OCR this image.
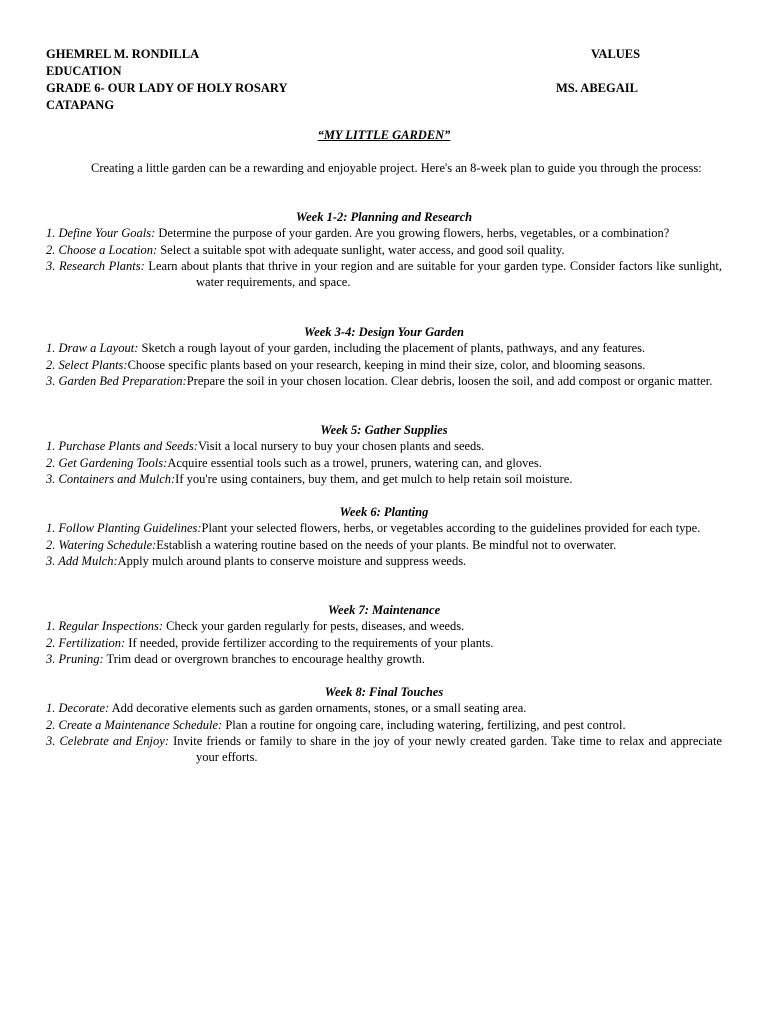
GHEMREL M. RONDILLA	VALUES
EDUCATION
GRADE 6- OUR LADY OF HOLY ROSARY	MS. ABEGAIL
CATAPANG
“MY LITTLE GARDEN”
Creating a little garden can be a rewarding and enjoyable project. Here's an 8-week plan to guide you through the process:
Week 1-2: Planning and Research
1. Define Your Goals: Determine the purpose of your garden. Are you growing flowers, herbs, vegetables, or a combination?
2. Choose a Location: Select a suitable spot with adequate sunlight, water access, and good soil quality.
3. Research Plants: Learn about plants that thrive in your region and are suitable for your garden type. Consider factors like sunlight, water requirements, and space.
Week 3-4: Design Your Garden
1. Draw a Layout: Sketch a rough layout of your garden, including the placement of plants, pathways, and any features.
2. Select Plants:Choose specific plants based on your research, keeping in mind their size, color, and blooming seasons.
3. Garden Bed Preparation:Prepare the soil in your chosen location. Clear debris, loosen the soil, and add compost or organic matter.
Week 5: Gather Supplies
1. Purchase Plants and Seeds:Visit a local nursery to buy your chosen plants and seeds.
2. Get Gardening Tools:Acquire essential tools such as a trowel, pruners, watering can, and gloves.
3. Containers and Mulch:If you're using containers, buy them, and get mulch to help retain soil moisture.
Week 6: Planting
1. Follow Planting Guidelines:Plant your selected flowers, herbs, or vegetables according to the guidelines provided for each type.
2. Watering Schedule:Establish a watering routine based on the needs of your plants. Be mindful not to overwater.
3. Add Mulch:Apply mulch around plants to conserve moisture and suppress weeds.
Week 7: Maintenance
1. Regular Inspections: Check your garden regularly for pests, diseases, and weeds.
2. Fertilization: If needed, provide fertilizer according to the requirements of your plants.
3. Pruning: Trim dead or overgrown branches to encourage healthy growth.
Week 8: Final Touches
1. Decorate: Add decorative elements such as garden ornaments, stones, or a small seating area.
2. Create a Maintenance Schedule: Plan a routine for ongoing care, including watering, fertilizing, and pest control.
3. Celebrate and Enjoy: Invite friends or family to share in the joy of your newly created garden. Take time to relax and appreciate your efforts.
